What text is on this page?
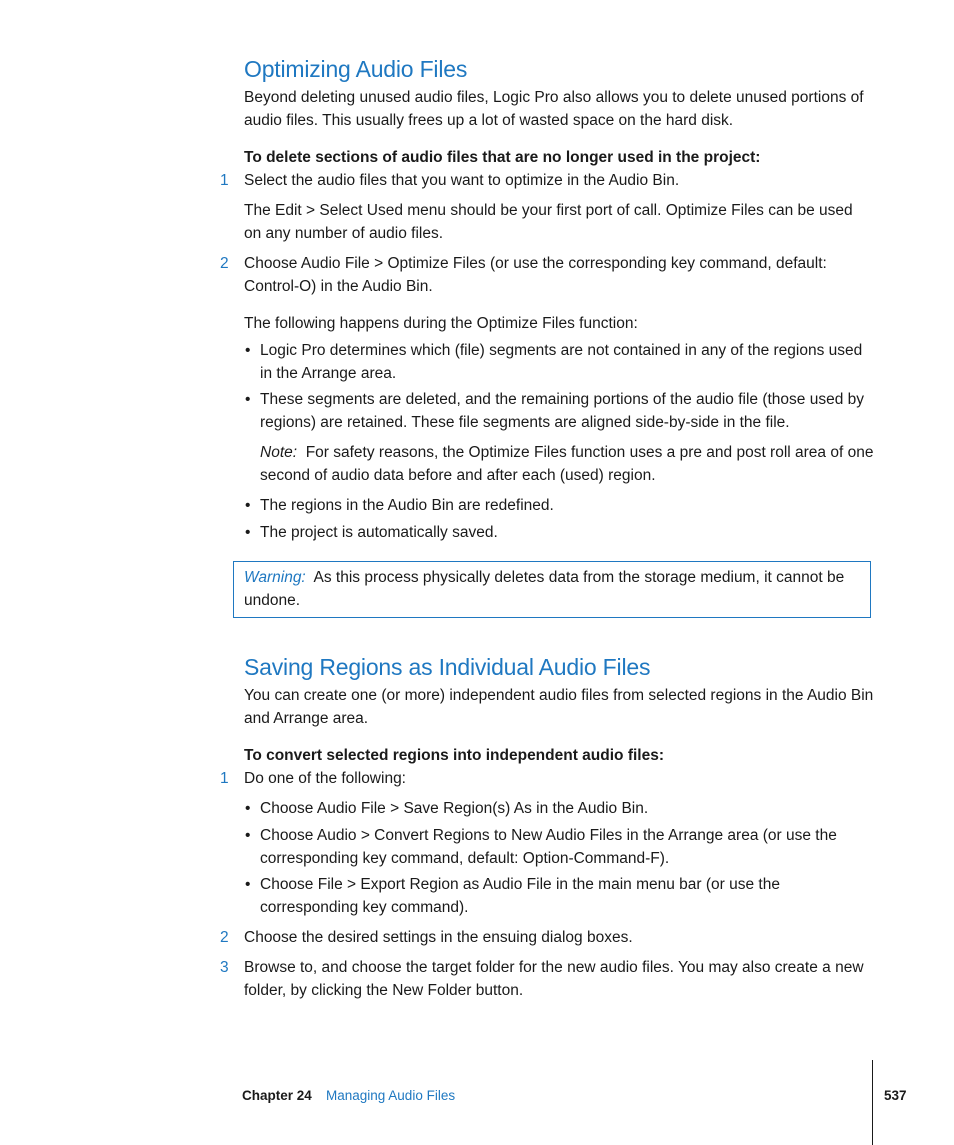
Optimizing Audio Files

Beyond deleting unused audio files, Logic Pro also allows you to delete unused portions of audio files. This usually frees up a lot of wasted space on the hard disk.

To delete sections of audio files that are no longer used in the project:

1 Select the audio files that you want to optimize in the Audio Bin.

The Edit > Select Used menu should be your first port of call. Optimize Files can be used on any number of audio files.

2 Choose Audio File > Optimize Files (or use the corresponding key command, default: Control-O) in the Audio Bin.

The following happens during the Optimize Files function:

• Logic Pro determines which (file) segments are not contained in any of the regions used in the Arrange area.

• These segments are deleted, and the remaining portions of the audio file (those used by regions) are retained. These file segments are aligned side-by-side in the file.

Note: For safety reasons, the Optimize Files function uses a pre and post roll area of one second of audio data before and after each (used) region.

• The regions in the Audio Bin are redefined.

• The project is automatically saved.

Warning: As this process physically deletes data from the storage medium, it cannot be undone.

Saving Regions as Individual Audio Files

You can create one (or more) independent audio files from selected regions in the Audio Bin and Arrange area.

To convert selected regions into independent audio files:

1 Do one of the following:

• Choose Audio File > Save Region(s) As in the Audio Bin.

• Choose Audio > Convert Regions to New Audio Files in the Arrange area (or use the corresponding key command, default: Option-Command-F).

• Choose File > Export Region as Audio File in the main menu bar (or use the corresponding key command).

2 Choose the desired settings in the ensuing dialog boxes.

3 Browse to, and choose the target folder for the new audio files. You may also create a new folder, by clicking the New Folder button.

Chapter 24 Managing Audio Files	537
